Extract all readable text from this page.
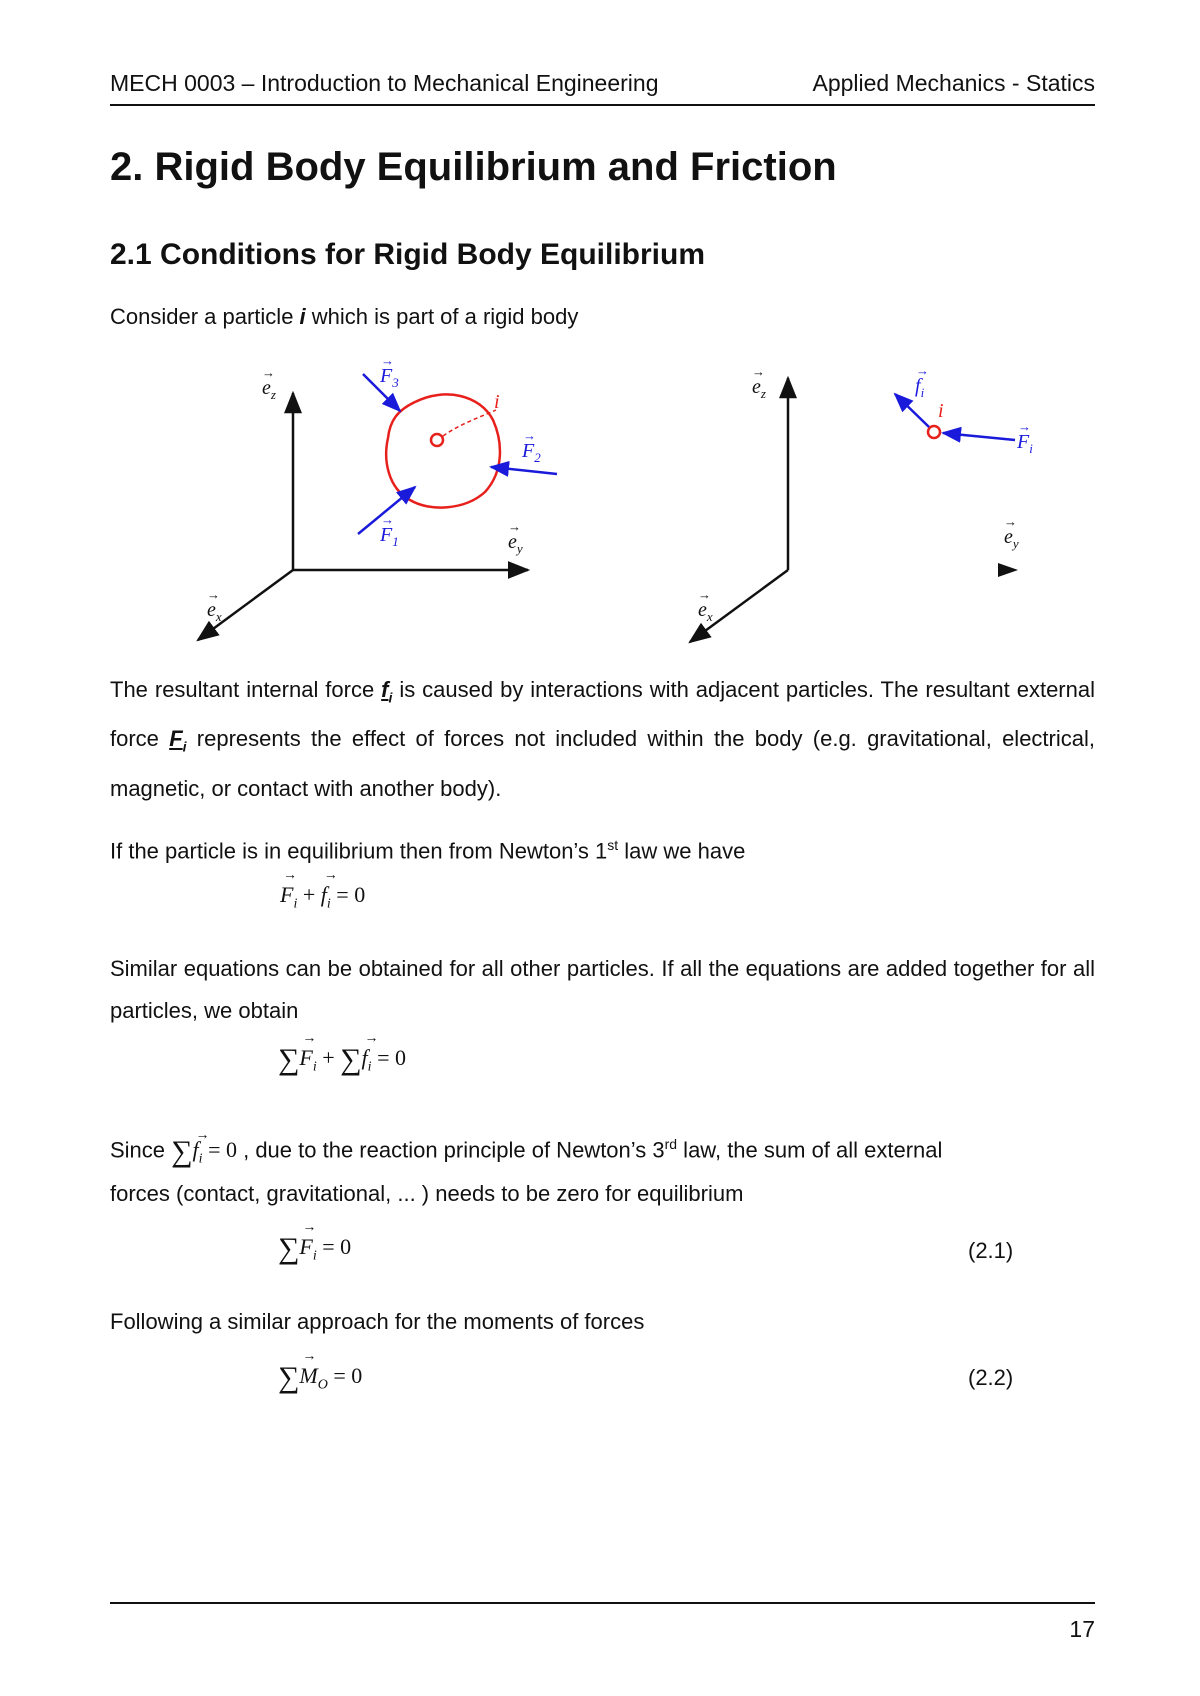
MECH 0003 – Introduction to Mechanical Engineering	Applied Mechanics - Statics
2. Rigid Body Equilibrium and Friction
2.1 Conditions for Rigid Body Equilibrium
Consider a particle i which is part of a rigid body
$e_z$
→
$e_y$
→
$e_x$
→
$F_3$
→
$F_2$
→
$F_1$
→
i
$e_z$
→
$e_y$
→
$e_x$
→
$f_i$
→
$F_i$
→
i
The resultant internal force $f_i$ is caused by interactions with adjacent particles. The resultant external force $F_i$ represents the effect of forces not included within the body (e.g. gravitational, electrical, magnetic, or contact with another body).
If the particle is in equilibrium then from Newton’s 1st law we have
→ $F_i$ + → $f_i = 0$
Similar equations can be obtained for all other particles. If all the equations are added together for all particles, we obtain
∑→ $F_i$ + ∑→ $f_i = 0$
Since ∑→ $f_i = 0$ , due to the reaction principle of Newton’s 3rd law, the sum of all external
forces (contact, gravitational, ... ) needs to be zero for equilibrium
∑→ $F_i = 0$	(2.1)
Following a similar approach for the moments of forces
∑→ $M_O = 0$	(2.2)
17
